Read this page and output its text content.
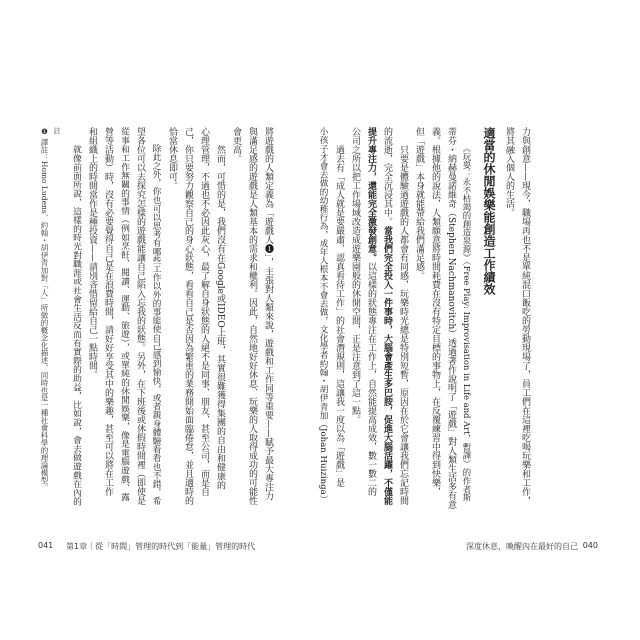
力與創意——現今，職場再也不是單純混口飯吃的勞動現場了，員工們在這裡吃喝玩樂和工作，
將其融入個人的生活。
適當的休閒娛樂能創造工作績效
《玩耍：永不枯竭的創造泉源》（Free Play: Improvisation in Life and Art，暫譯）的作者斯
蒂芬・納赫曼諾維奇（Stephen Nachmanovitch）透過著作說明了「遊戲」對人類生活多有意
義。根據他的說法，人類願意將時間耗費在沒有特定目標的事物上，在反覆練習中得到快樂，
但「遊戲」本身就能帶給我們滿足感。
只要是體驗過遊戲的人都會有同感，玩樂時光總是特別短暫，原因在於它會讓我們忘記時間
的流逝，完全沉浸其中。當我們完全投入一件事時，大腦會產生多巴胺，促進大腦活躍，不僅能
提升專注力，還能完全激發創意。以這樣的狀態專注在工作上，自然能提高成效，數一數二的
公司之所以把工作場域改造成遊樂園般的休閒空間，正是注意到了這一點。
過去有「成人就是要嚴肅、認真看待工作」的社會潛規則，這讓我一度以為「遊戲」是
小孩子才會去做的幼稚行為，成年人根本不會去做，文化學者約翰・胡伊青加（Johan Huizinga）
將遊戲的人類定義為「遊戲人❶」，主張對人類來說，遊戲和工作同等重要——賦予最大專注力
與滿足感的遊戲是人類基本的需求和權利。因此，自然地好好休息、玩樂的人取得成功的可能性
會更高。
然而，可惜的是，我們沒有在Google或IDEO上班，其實很難獲得集團的自由和健康的
心理管理，不過也不必因此灰心，最了解自身狀態的人絕不是同事、朋友、甚至公司，而是自
己，你只要努力觀察自己的身心狀態，看看自己是否因為繁重的業務開始面臨倦怠，並且適時的
恰當休息即可。
除此之外，你也可以思考有哪些工作以外的事能使自己感到愉快，或者親身體驗看看也不錯，希
望各位可以去探究怎樣的遊戲能讓自己陷入忘我的狀態。另外，在下班後或休假時間裡（即使是
從事和工作無關的事情（例如烹飪、閱讀、運動、旅遊），或單純的休閒娛樂，像是電腦遊戲、露
營等活動）時，沒有必要覺得自己是在浪費時間，請好好享受其中的樂趣，甚至可以將在工作
和組織上的時間當作是種投資——請別吝惜留給自己一點時間。
就像前面所說，這樣的時光對職涯或社會生活反而有實際的助益，比如說，會去做遊戲在內的
註
❶ 譯註：Homo Ludens，約翰・胡伊青加對「人」所做的概念化描述，同時也是一種社會科學的理論模型。
041 第1章｜從「時間」管理的時代到「能量」管理的時代	深度休息，喚醒內在最好的自己 040
